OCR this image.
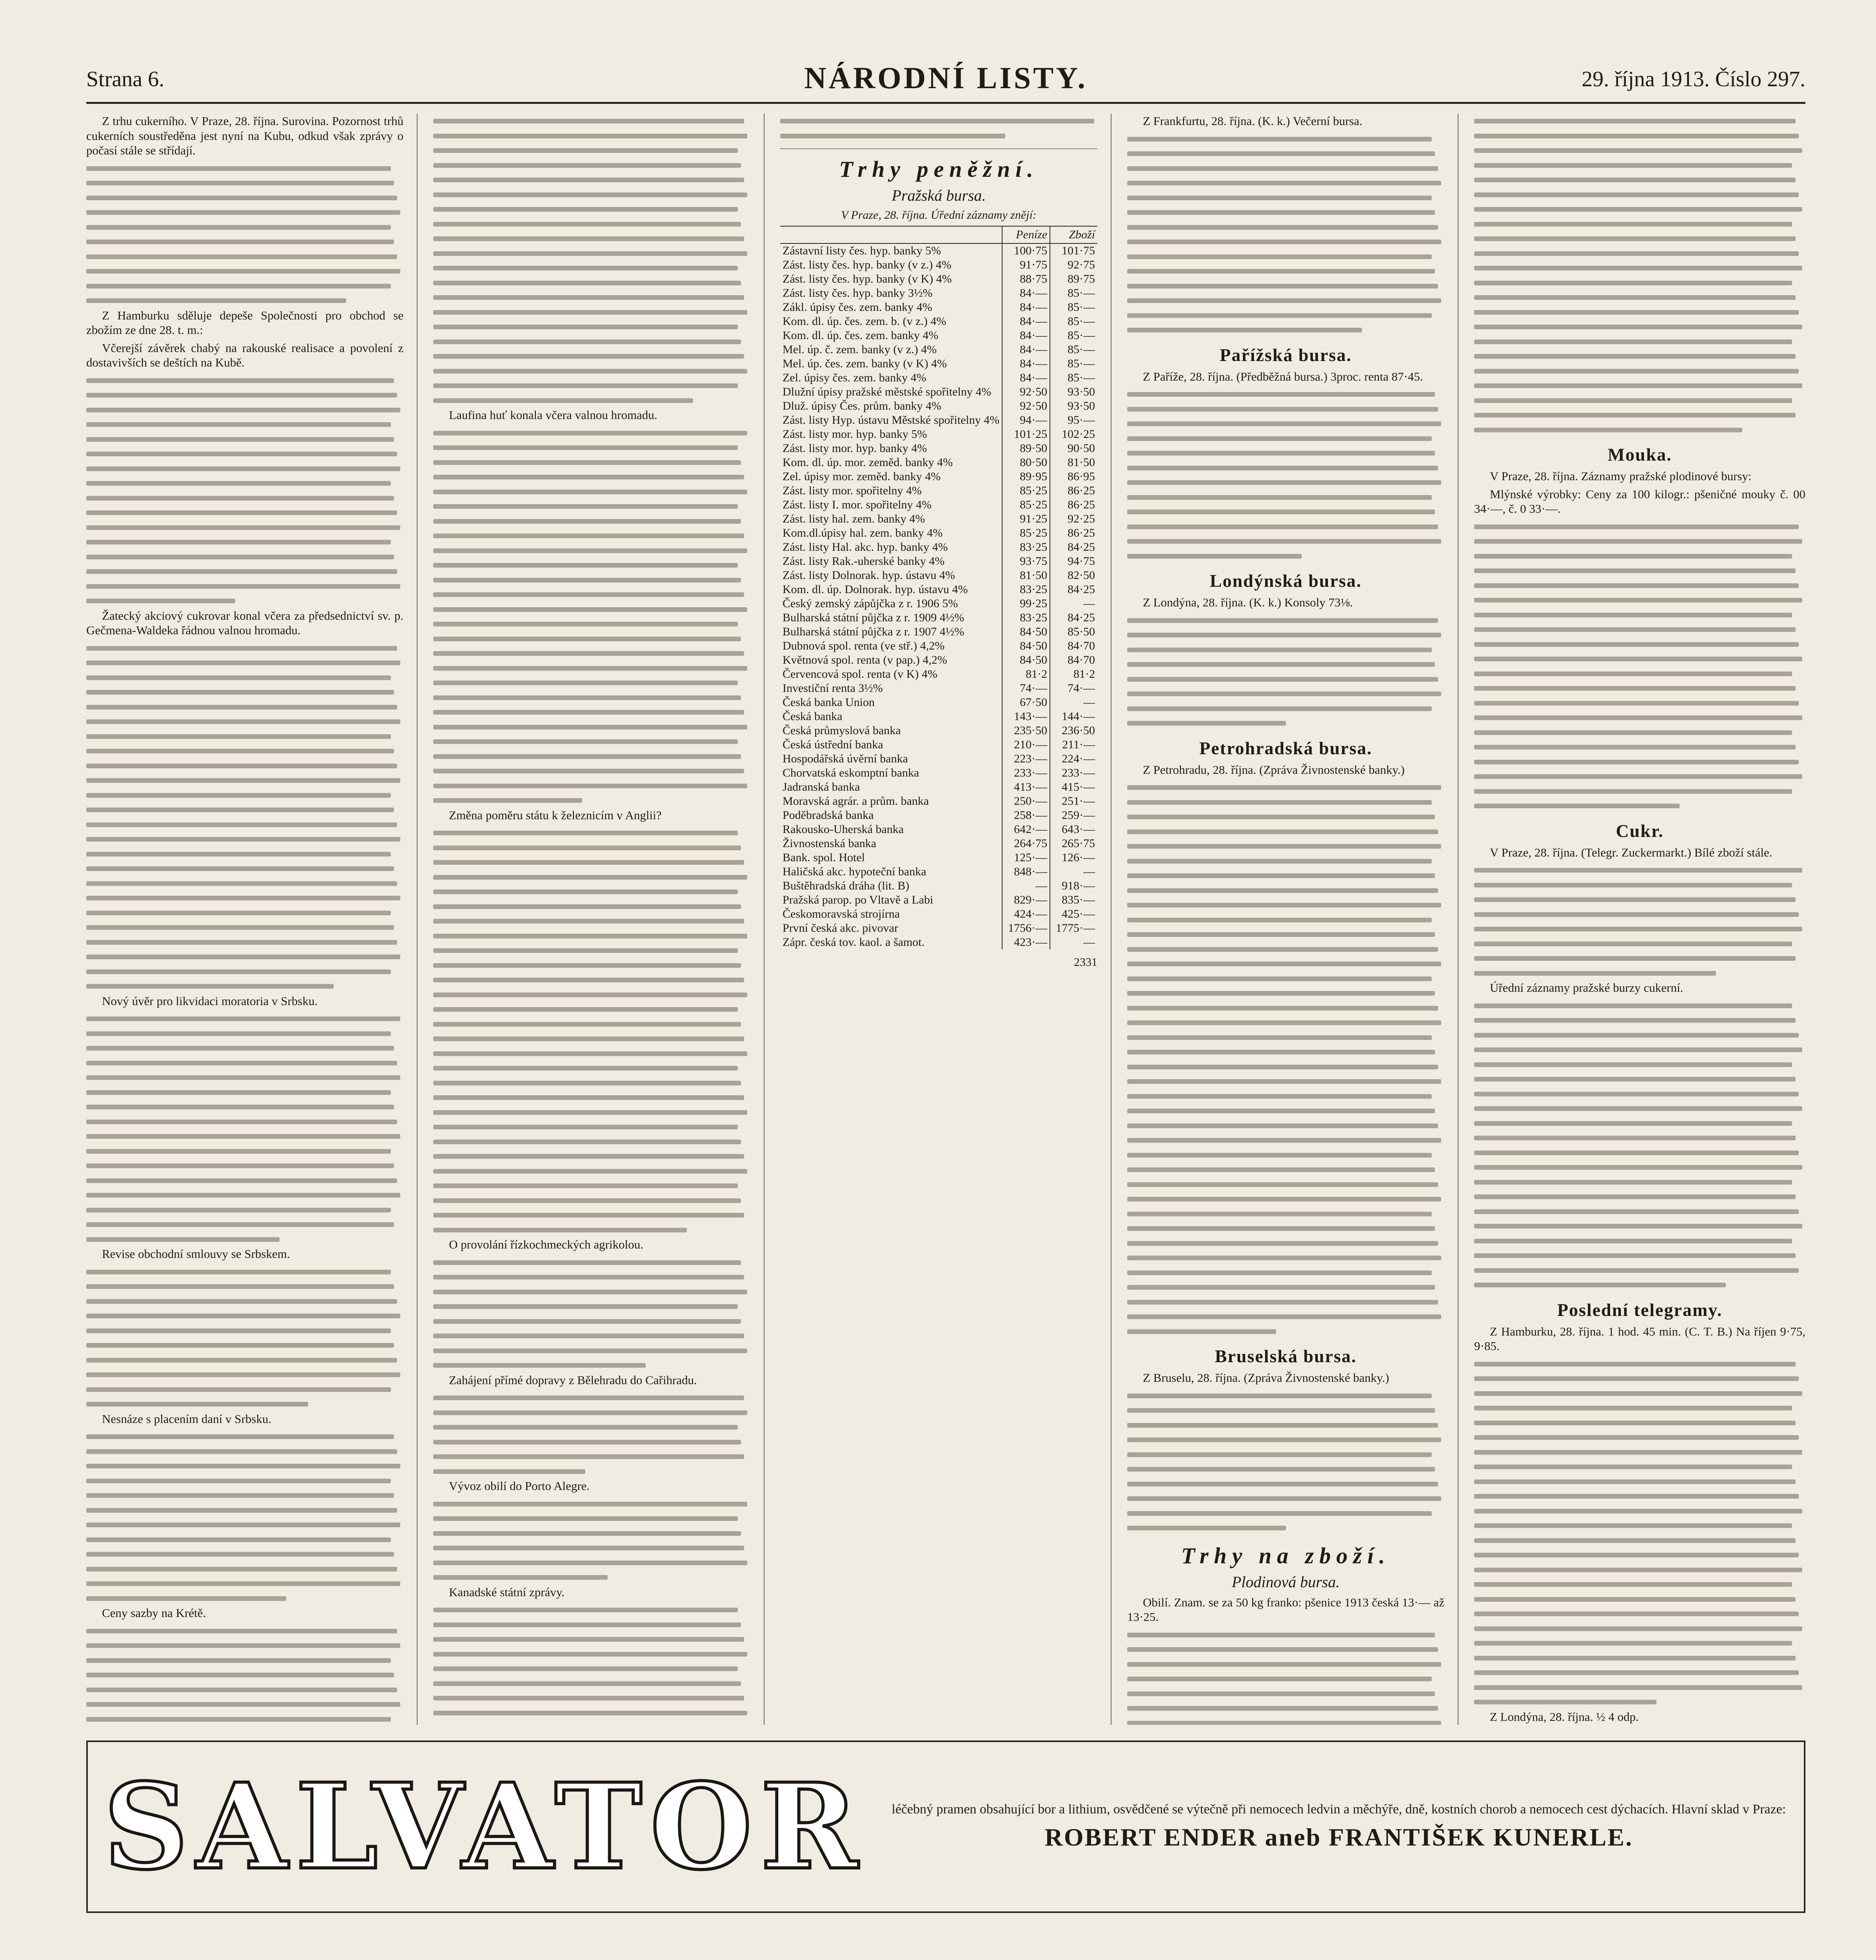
Strana 6.	NÁRODNÍ LISTY.	29. října 1913. Číslo 297.

Z trhu cukerního. V Praze, 28. října. Surovina. Pozornost trhů cukerních soustředěna jest nyní na Kubu, odkud však zprávy o počasí stále se střídají.

Z Hamburku sděluje depeše Společnosti pro obchod se zbožím ze dne 28. t. m.:

Včerejší závěrek chabý na rakouské realisace a povolení z dostavivších se deštích na Kubě.

Žatecký akciový cukrovar konal včera za předsednictví sv. p. Gečmena-Waldeka řádnou valnou hromadu.

Nový úvěr pro likvidaci moratoria v Srbsku.

Revise obchodní smlouvy se Srbskem.

Nesnáze s placením daní v Srbsku.

Ceny sazby na Krétě.

Laufina huť konala včera valnou hromadu.

Změna poměru státu k železnicím v Anglii?

O provolání řízkochmeckých agrikolou.

Zahájení přímé dopravy z Bělehradu do Cařihradu.

Vývoz obilí do Porto Alegre.

Kanadské státní zprávy.

Trhy peněžní.
Pražská bursa.
V Praze, 28. října. Úřední záznamy znějí:
	Peníze	Zboží
Zástavní listy čes. hyp. banky 5%	100·75	101·75
Zást. listy čes. hyp. banky (v z.) 4%	91·75	92·75
Zást. listy čes. hyp. banky (v K) 4%	88·75	89·75
Zást. listy čes. hyp. banky 3½%	84·—	85·—
Zákl. úpisy čes. zem. banky 4%	84·—	85·—
Kom. dl. úp. čes. zem. b. (v z.) 4%	84·—	85·—
Kom. dl. úp. čes. zem. banky 4%	84·—	85·—
Mel. úp. č. zem. banky (v z.) 4%	84·—	85·—
Mel. úp. čes. zem. banky (v K) 4%	84·—	85·—
Zel. úpisy čes. zem. banky 4%	84·—	85·—
Dlužní úpisy pražské městské spořitelny 4%	92·50	93·50
Dluž. úpisy Čes. prům. banky 4%	92·50	93·50
Zást. listy Hyp. ústavu Městské spořitelny 4%	94·—	95·—
Zást. listy mor. hyp. banky 5%	101·25	102·25
Zást. listy mor. hyp. banky 4%	89·50	90·50
Kom. dl. úp. mor. zeměd. banky 4%	80·50	81·50
Zel. úpisy mor. zeměd. banky 4%	89·95	86·95
Zást. listy mor. spořitelny 4%	85·25	86·25
Zást. listy I. mor. spořitelny 4%	85·25	86·25
Zást. listy hal. zem. banky 4%	91·25	92·25
Kom.dl.úpisy hal. zem. banky 4%	85·25	86·25
Zást. listy Hal. akc. hyp. banky 4%	83·25	84·25
Zást. listy Rak.-uherské banky 4%	93·75	94·75
Zást. listy Dolnorak. hyp. ústavu 4%	81·50	82·50
Kom. dl. úp. Dolnorak. hyp. ústavu 4%	83·25	84·25
Český zemský zápůjčka z r. 1906 5%	99·25	—
Bulharská státní půjčka z r. 1909 4½%	83·25	84·25
Bulharská státní půjčka z r. 1907 4½%	84·50	85·50
Dubnová spol. renta (ve stř.) 4,2%	84·50	84·70
Květnová spol. renta (v pap.) 4,2%	84·50	84·70
Červencová spol. renta (v K) 4%	81·2	81·2
Investiční renta 3½%	74·—	74·—
Česká banka Union	67·50	—
Česká banka	143·—	144·—
Česká průmyslová banka	235·50	236·50
Česká ústřední banka	210·—	211·—
Hospodářská úvěrní banka	223·—	224·—
Chorvatská eskomptní banka	233·—	233·—
Jadranská banka	413·—	415·—
Moravská agrár. a prům. banka	250·—	251·—
Poděbradská banka	258·—	259·—
Rakousko-Uherská banka	642·—	643·—
Živnostenská banka	264·75	265·75
Bank. spol. Hotel	125·—	126·—
Haličská akc. hypoteční banka	848·—	—
Buštěhradská dráha (lit. B)	—	918·—
Pražská parop. po Vltavě a Labi	829·—	835·—
Českomoravská strojírna	424·—	425·—
První česká akc. pivovar	1756·—	1775·—
Zápr. česká tov. kaol. a šamot.	423·—	—
2331

Z Frankfurtu, 28. října. (K. k.) Večerní bursa.

Pařížská bursa.

Z Paříže, 28. října. (Předběžná bursa.) 3proc. renta 87·45.

Londýnská bursa.

Z Londýna, 28. října. (K. k.) Konsoly 73⅛.

Petrohradská bursa.

Z Petrohradu, 28. října. (Zpráva Živnostenské banky.)

Bruselská bursa.

Z Bruselu, 28. října. (Zpráva Živnostenské banky.)

Trhy na zboží.
Plodinová bursa.

Obilí. Znam. se za 50 kg franko: pšenice 1913 česká 13·— až 13·25.

Mouka.

V Praze, 28. října. Záznamy pražské plodinové bursy:

Mlýnské výrobky: Ceny za 100 kilogr.: pšeničné mouky č. 00 34·—, č. 0 33·—.

Cukr.

V Praze, 28. října. (Telegr. Zuckermarkt.) Bílé zboží stále.

Úřední záznamy pražské burzy cukerní.

Poslední telegramy.

Z Hamburku, 28. října. 1 hod. 45 min. (C. T. B.) Na říjen 9·75, 9·85.

Z Londýna, 28. října. ½ 4 odp.

SALVATOR léčebný pramen obsahující bor a lithium, osvědčené se výtečně při nemocech ledvin a měchýře, dně, kostních chorob a nemocech cest dýchacích. Hlavní sklad v Praze:
ROBERT ENDER aneb FRANTIŠEK KUNERLE.
